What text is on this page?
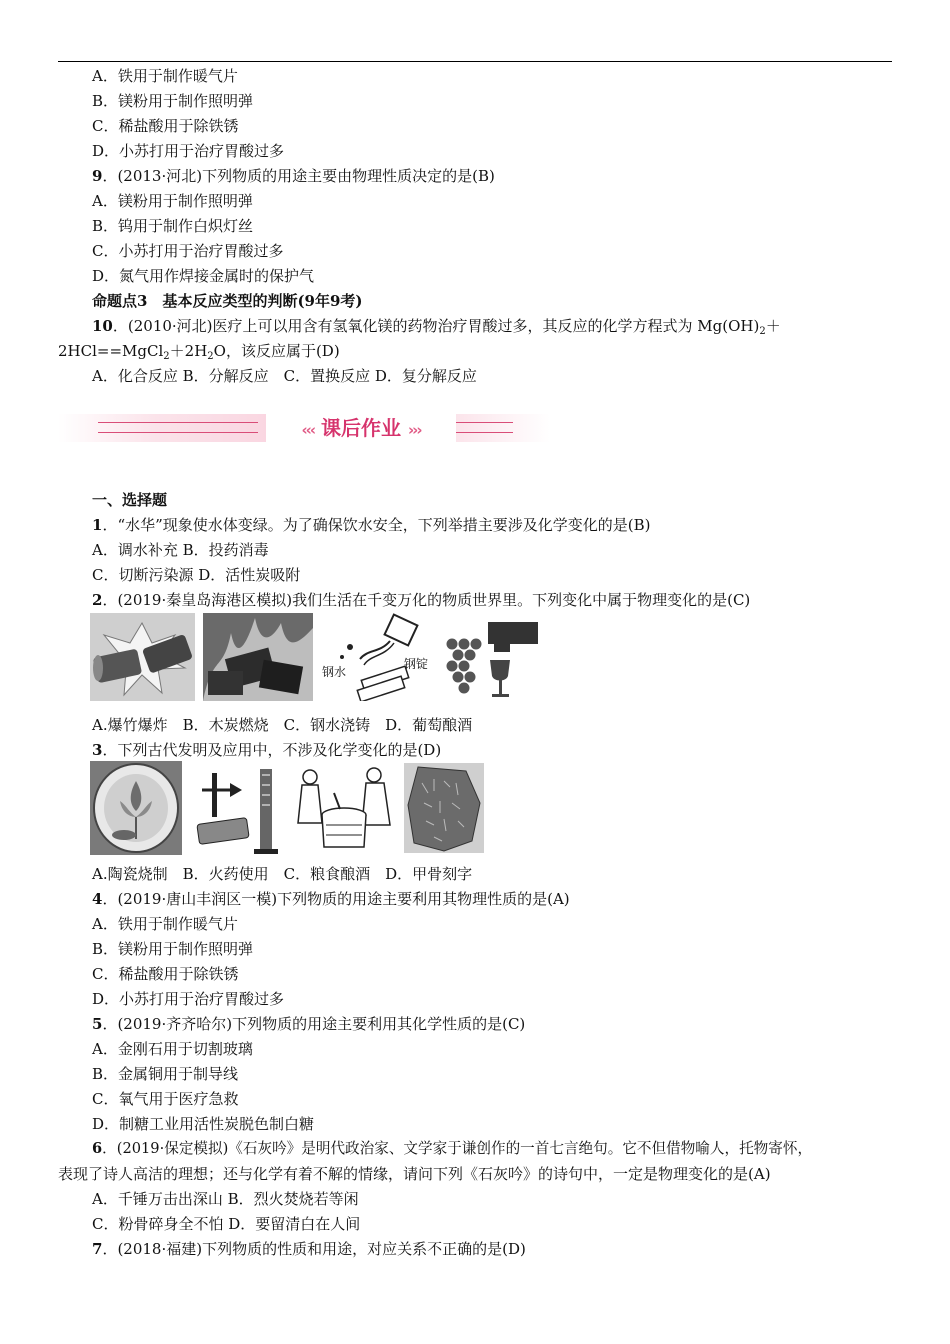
A．铁用于制作暖气片
B．镁粉用于制作照明弹
C．稀盐酸用于除铁锈
D．小苏打用于治疗胃酸过多
9．(2013·河北)下列物质的用途主要由物理性质决定的是(B)
A．镁粉用于制作照明弹
B．钨用于制作白炽灯丝
C．小苏打用于治疗胃酸过多
D．氮气用作焊接金属时的保护气
命题点3　基本反应类型的判断(9年9考)
10．(2010·河北)医疗上可以用含有氢氧化镁的药物治疗胃酸过多，其反应的化学方程式为 $Mg(OH)_2+$
$2HCl==MgCl_2+2H_2O$，该反应属于(D)
A．化合反应 B．分解反应　C．置换反应 D．复分解反应
‹‹‹ 课后作业 ›››
一、选择题
1．“水华”现象使水体变绿。为了确保饮水安全，下列举措主要涉及化学变化的是(B)
A．调水补充 B．投药消毒
C．切断污染源 D．活性炭吸附
2．(2019·秦皇岛海港区模拟)我们生活在千变万化的物质世界里。下列变化中属于物理变化的是(C)
钢水
钢锭
A.爆竹爆炸　B．木炭燃烧　C．钢水浇铸　D．葡萄酿酒
3．下列古代发明及应用中，不涉及化学变化的是(D)
A.陶瓷烧制　B．火药使用　C．粮食酿酒　D．甲骨刻字
4．(2019·唐山丰润区一模)下列物质的用途主要利用其物理性质的是(A)
A．铁用于制作暖气片
B．镁粉用于制作照明弹
C．稀盐酸用于除铁锈
D．小苏打用于治疗胃酸过多
5．(2019·齐齐哈尔)下列物质的用途主要利用其化学性质的是(C)
A．金刚石用于切割玻璃
B．金属铜用于制导线
C．氧气用于医疗急救
D．制糖工业用活性炭脱色制白糖
6．(2019·保定模拟)《石灰吟》是明代政治家、文学家于谦创作的一首七言绝句。它不但借物喻人，托物寄怀，
表现了诗人高洁的理想；还与化学有着不解的情缘，请问下列《石灰吟》的诗句中，一定是物理变化的是(A)
A．千锤万击出深山 B．烈火焚烧若等闲
C．粉骨碎身全不怕 D．要留清白在人间
7．(2018·福建)下列物质的性质和用途，对应关系不正确的是(D)
